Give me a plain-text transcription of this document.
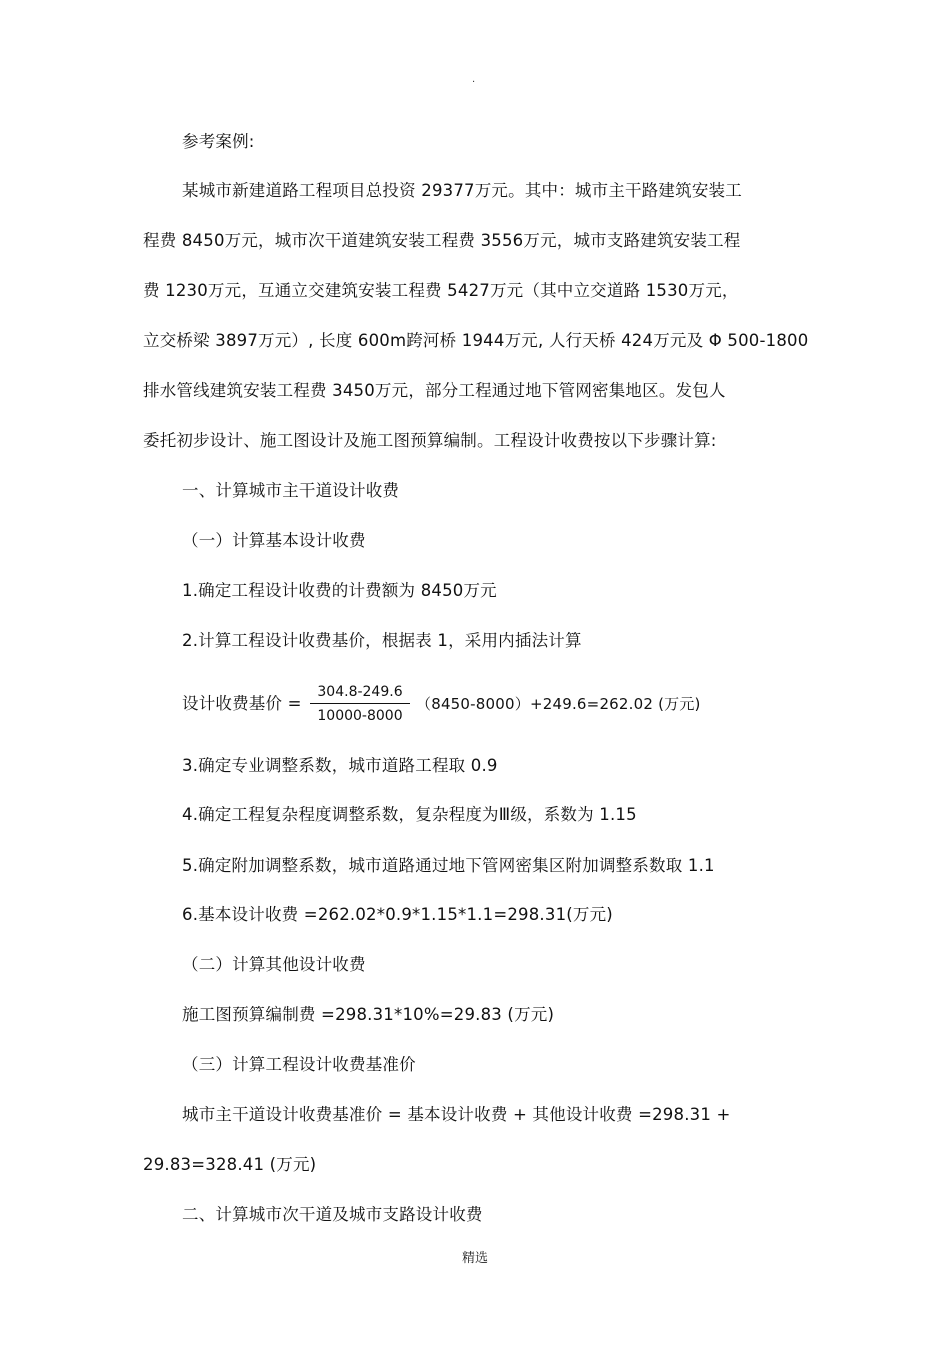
.
参考案例:
某城市新建道路工程项目总投资 29377万元。其中：城市主干路建筑安装工
程费 8450万元，城市次干道建筑安装工程费 3556万元，城市支路建筑安装工程
费 1230万元，互通立交建筑安装工程费 5427万元（其中立交道路 1530万元，
立交桥梁 3897万元）, 长度 600m跨河桥 1944万元, 人行天桥 424万元及 Φ 500-1800
排水管线建筑安装工程费 3450万元，部分工程通过地下管网密集地区。发包人
委托初步设计、施工图设计及施工图预算编制。工程设计收费按以下步骤计算:
一、计算城市主干道设计收费
（一）计算基本设计收费
1.确定工程设计收费的计费额为 8450万元
2.计算工程设计收费基价，根据表 1，采用内插法计算
设计收费基价 =
304.8-249.6
10000-8000
（8450-8000）+249.6=262.02 (万元)
3.确定专业调整系数，城市道路工程取 0.9
4.确定工程复杂程度调整系数，复杂程度为Ⅲ级，系数为 1.15
5.确定附加调整系数，城市道路通过地下管网密集区附加调整系数取 1.1
6.基本设计收费 =262.02*0.9*1.15*1.1=298.31(万元)
（二）计算其他设计收费
施工图预算编制费 =298.31*10%=29.83 (万元)
（三）计算工程设计收费基准价
城市主干道设计收费基准价 = 基本设计收费 + 其他设计收费 =298.31 +
29.83=328.41 (万元)
二、计算城市次干道及城市支路设计收费
精选
